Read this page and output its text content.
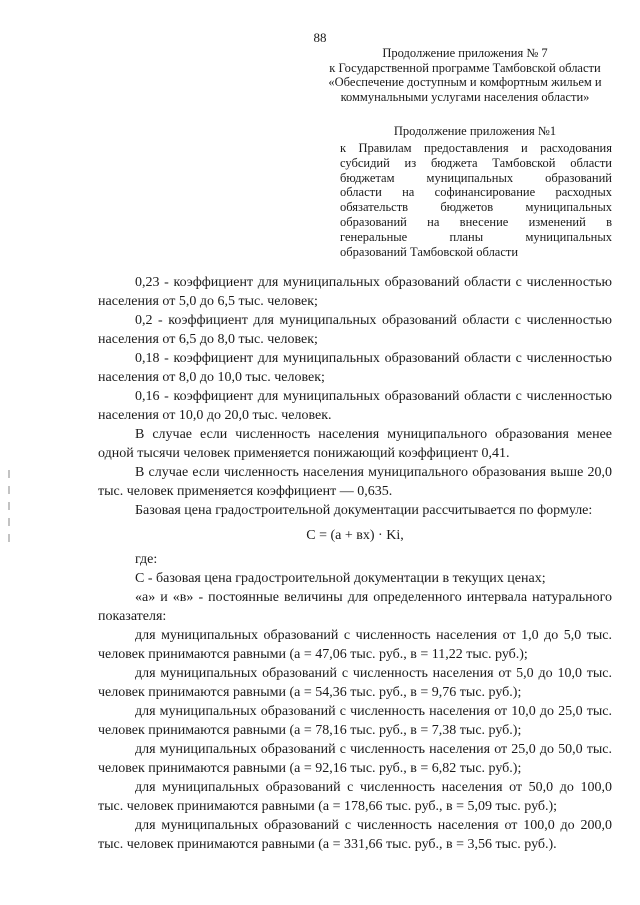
88
Продолжение приложения № 7
к Государственной программе Тамбовской области
«Обеспечение доступным и комфортным жильем и
коммунальными услугами населения области»
Продолжение приложения №1
к Правилам предоставления и расходования
субсидий из бюджета Тамбовской области
бюджетам муниципальных образований
области на софинансирование расходных
обязательств бюджетов муниципальных
образований на внесение изменений в
генеральные планы муниципальных
образований Тамбовской области

0,23 - коэффициент для муниципальных образований области с численностью населения от 5,0 до 6,5 тыс. человек;

0,2 - коэффициент для муниципальных образований области с численностью населения от 6,5 до 8,0 тыс. человек;

0,18 - коэффициент для муниципальных образований области с численностью населения от 8,0 до 10,0 тыс. человек;

0,16 - коэффициент для муниципальных образований области с численностью населения от 10,0 до 20,0 тыс. человек.

В случае если численность населения муниципального образования менее одной тысячи человек применяется понижающий коэффициент 0,41.

В случае если численность населения муниципального образования выше 20,0 тыс. человек применяется коэффициент — 0,635.

Базовая цена градостроительной документации рассчитывается по формуле:

С = (а + вх) · Ki,

где:

С - базовая цена градостроительной документации в текущих ценах;

«а» и «в» - постоянные величины для определенного интервала натурального показателя:

для муниципальных образований с численность населения от 1,0 до 5,0 тыс. человек принимаются равными (а = 47,06 тыс. руб., в = 11,22 тыс. руб.);

для муниципальных образований с численность населения от 5,0 до 10,0 тыс. человек принимаются равными (а = 54,36 тыс. руб., в = 9,76 тыс. руб.);

для муниципальных образований с численность населения от 10,0 до 25,0 тыс. человек принимаются равными (а = 78,16 тыс. руб., в = 7,38 тыс. руб.);

для муниципальных образований с численность населения от 25,0 до 50,0 тыс. человек принимаются равными (а = 92,16 тыс. руб., в = 6,82 тыс. руб.);

для муниципальных образований с численность населения от 50,0 до 100,0 тыс. человек принимаются равными (а = 178,66 тыс. руб., в = 5,09 тыс. руб.);

для муниципальных образований с численность населения от 100,0 до 200,0 тыс. человек принимаются равными (а = 331,66 тыс. руб., в = 3,56 тыс. руб.).
